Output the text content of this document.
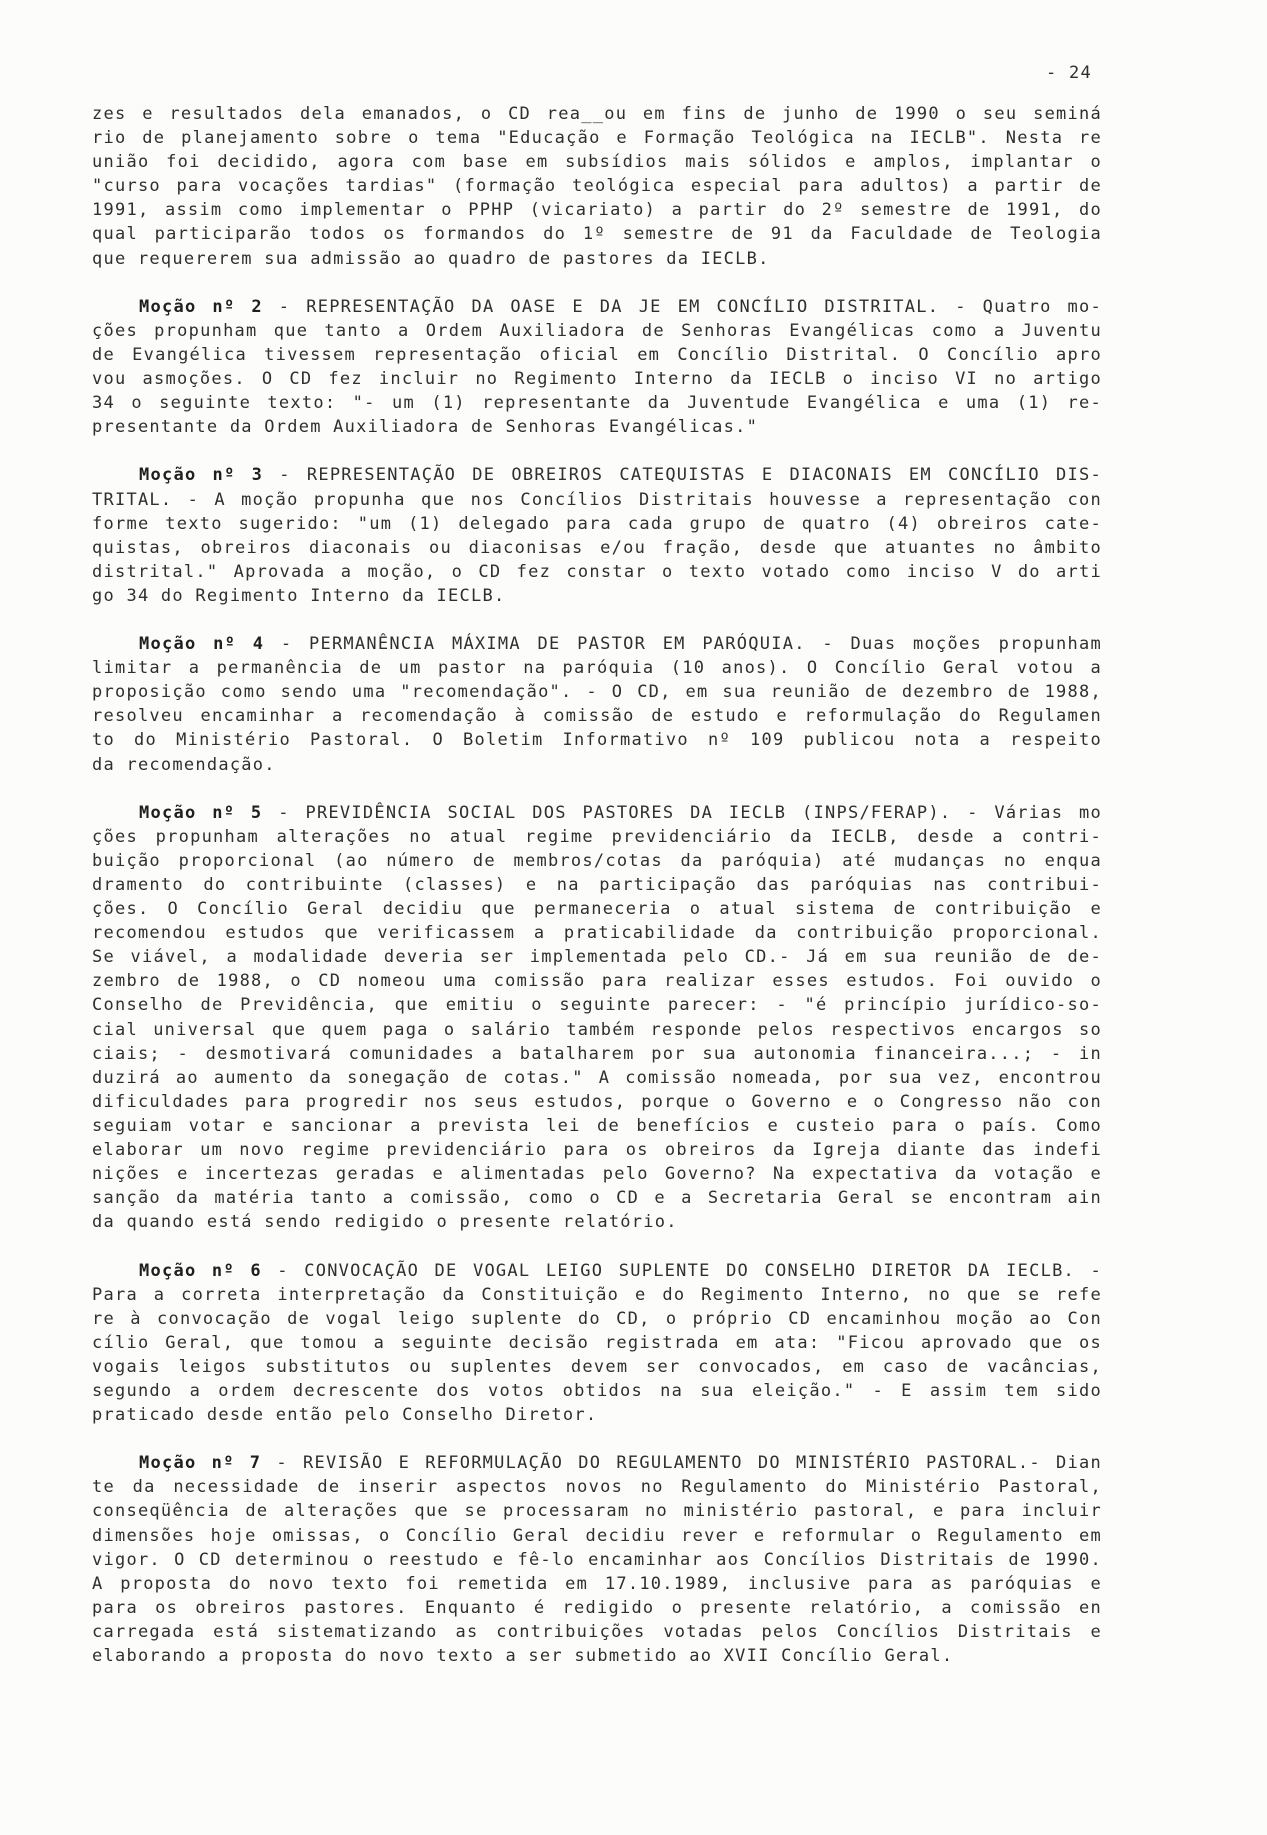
- 24
zes e resultados dela emanados, o CD rea__ou em fins de junho de 1990 o seu seminá
rio de planejamento sobre o tema "Educação e Formação Teológica na IECLB". Nesta re
união foi decidido, agora com base em subsídios mais sólidos e amplos, implantar o
"curso para vocações tardias" (formação teológica especial para adultos) a partir de
1991, assim como implementar o PPHP (vicariato) a partir do 2º semestre de 1991, do
qual participarão todos os formandos do 1º semestre de 91 da Faculdade de Teologia
que requererem sua admissão ao quadro de pastores da IECLB.
Moção nº 2 - REPRESENTAÇÃO DA OASE E DA JE EM CONCÍLIO DISTRITAL. - Quatro mo-
ções propunham que tanto a Ordem Auxiliadora de Senhoras Evangélicas como a Juventu
de Evangélica tivessem representação oficial em Concílio Distrital. O Concílio apro
vou asmoções. O CD fez incluir no Regimento Interno da IECLB o inciso VI no artigo
34 o seguinte texto: "- um (1) representante da Juventude Evangélica e uma (1) re-
presentante da Ordem Auxiliadora de Senhoras Evangélicas."
Moção nº 3 - REPRESENTAÇÃO DE OBREIROS CATEQUISTAS E DIACONAIS EM CONCÍLIO DIS-
TRITAL. - A moção propunha que nos Concílios Distritais houvesse a representação con
forme texto sugerido: "um (1) delegado para cada grupo de quatro (4) obreiros cate-
quistas, obreiros diaconais ou diaconisas e/ou fração, desde que atuantes no âmbito
distrital." Aprovada a moção, o CD fez constar o texto votado como inciso V do arti
go 34 do Regimento Interno da IECLB.
Moção nº 4 - PERMANÊNCIA MÁXIMA DE PASTOR EM PARÓQUIA. - Duas moções propunham
limitar a permanência de um pastor na paróquia (10 anos). O Concílio Geral votou a
proposição como sendo uma "recomendação". - O CD, em sua reunião de dezembro de 1988,
resolveu encaminhar a recomendação à comissão de estudo e reformulação do Regulamen
to do Ministério Pastoral. O Boletim Informativo nº 109 publicou nota a respeito
da recomendação.
Moção nº 5 - PREVIDÊNCIA SOCIAL DOS PASTORES DA IECLB (INPS/FERAP). - Várias mo
ções propunham alterações no atual regime previdenciário da IECLB, desde a contri-
buição proporcional (ao número de membros/cotas da paróquia) até mudanças no enqua
dramento do contribuinte (classes) e na participação das paróquias nas contribui-
ções. O Concílio Geral decidiu que permaneceria o atual sistema de contribuição e
recomendou estudos que verificassem a praticabilidade da contribuição proporcional.
Se viável, a modalidade deveria ser implementada pelo CD.- Já em sua reunião de de-
zembro de 1988, o CD nomeou uma comissão para realizar esses estudos. Foi ouvido o
Conselho de Previdência, que emitiu o seguinte parecer: - "é princípio jurídico-so-
cial universal que quem paga o salário também responde pelos respectivos encargos so
ciais; - desmotivará comunidades a batalharem por sua autonomia financeira...; - in
duzirá ao aumento da sonegação de cotas." A comissão nomeada, por sua vez, encontrou
dificuldades para progredir nos seus estudos, porque o Governo e o Congresso não con
seguiam votar e sancionar a prevista lei de benefícios e custeio para o país. Como
elaborar um novo regime previdenciário para os obreiros da Igreja diante das indefi
nições e incertezas geradas e alimentadas pelo Governo? Na expectativa da votação e
sanção da matéria tanto a comissão, como o CD e a Secretaria Geral se encontram ain
da quando está sendo redigido o presente relatório.
Moção nº 6 - CONVOCAÇÃO DE VOGAL LEIGO SUPLENTE DO CONSELHO DIRETOR DA IECLB. -
Para a correta interpretação da Constituição e do Regimento Interno, no que se refe
re à convocação de vogal leigo suplente do CD, o próprio CD encaminhou moção ao Con
cílio Geral, que tomou a seguinte decisão registrada em ata: "Ficou aprovado que os
vogais leigos substitutos ou suplentes devem ser convocados, em caso de vacâncias,
segundo a ordem decrescente dos votos obtidos na sua eleição." - E assim tem sido
praticado desde então pelo Conselho Diretor.
Moção nº 7 - REVISÃO E REFORMULAÇÃO DO REGULAMENTO DO MINISTÉRIO PASTORAL.- Dian
te da necessidade de inserir aspectos novos no Regulamento do Ministério Pastoral,
conseqüência de alterações que se processaram no ministério pastoral, e para incluir
dimensões hoje omissas, o Concílio Geral decidiu rever e reformular o Regulamento em
vigor. O CD determinou o reestudo e fê-lo encaminhar aos Concílios Distritais de 1990.
A proposta do novo texto foi remetida em 17.10.1989, inclusive para as paróquias e
para os obreiros pastores. Enquanto é redigido o presente relatório, a comissão en
carregada está sistematizando as contribuições votadas pelos Concílios Distritais e
elaborando a proposta do novo texto a ser submetido ao XVII Concílio Geral.
